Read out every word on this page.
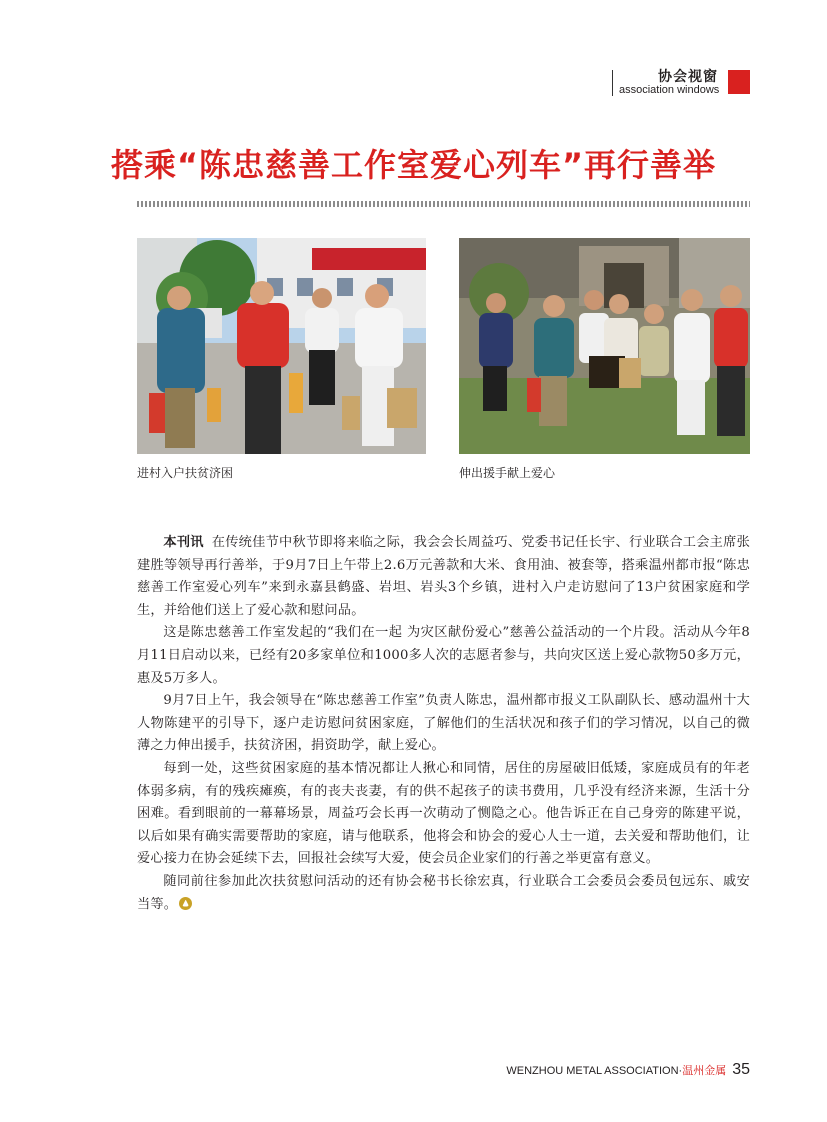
协会视窗
association windows
搭乘“陈忠慈善工作室爱心列车”再行善举
进村入户扶贫济困	伸出援手献上爱心

本刊讯 在传统佳节中秋节即将来临之际，我会会长周益巧、党委书记任长宇、行业联合工会主席张建胜等领导再行善举，于9月7日上午带上2.6万元善款和大米、食用油、被套等，搭乘温州都市报“陈忠慈善工作室爱心列车”来到永嘉县鹤盛、岩坦、岩头3个乡镇，进村入户走访慰问了13户贫困家庭和学生，并给他们送上了爱心款和慰问品。

这是陈忠慈善工作室发起的“我们在一起 为灾区献份爱心”慈善公益活动的一个片段。活动从今年8月11日启动以来，已经有20多家单位和1000多人次的志愿者参与，共向灾区送上爱心款物50多万元，惠及5万多人。

9月7日上午，我会领导在“陈忠慈善工作室”负责人陈忠，温州都市报义工队副队长、感动温州十大人物陈建平的引导下，逐户走访慰问贫困家庭，了解他们的生活状况和孩子们的学习情况，以自己的微薄之力伸出援手，扶贫济困，捐资助学，献上爱心。

每到一处，这些贫困家庭的基本情况都让人揪心和同情，居住的房屋破旧低矮，家庭成员有的年老体弱多病，有的残疾瘫痪，有的丧夫丧妻，有的供不起孩子的读书费用，几乎没有经济来源，生活十分困难。看到眼前的一幕幕场景，周益巧会长再一次萌动了恻隐之心。他告诉正在自己身旁的陈建平说，以后如果有确实需要帮助的家庭，请与他联系，他将会和协会的爱心人士一道，去关爱和帮助他们，让爱心接力在协会延续下去，回报社会续写大爱，使会员企业家们的行善之举更富有意义。

随同前往参加此次扶贫慰问活动的还有协会秘书长徐宏真，行业联合工会委员会委员包远东、戚安当等。

WENZHOU METAL ASSOCIATION·温州金属 35
